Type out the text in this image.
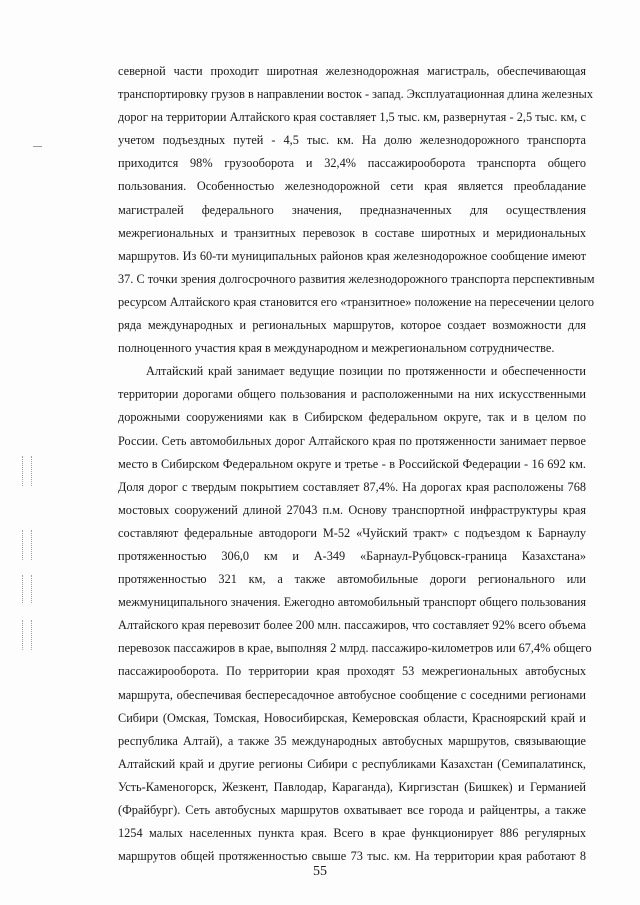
северной части проходит широтная железнодорожная магистраль, обеспечивающая
транспортировку грузов в направлении восток - запад. Эксплуатационная длина железных
дорог на территории Алтайского края составляет 1,5 тыс. км, развернутая - 2,5 тыс. км, с
учетом подъездных путей - 4,5 тыс. км. На долю железнодорожного транспорта
приходится 98% грузооборота и 32,4% пассажирооборота транспорта общего
пользования. Особенностью железнодорожной сети края является преобладание
магистралей федерального значения, предназначенных для осуществления
межрегиональных и транзитных перевозок в составе широтных и меридиональных
маршрутов. Из 60-ти муниципальных районов края железнодорожное сообщение имеют
37. С точки зрения долгосрочного развития железнодорожного транспорта перспективным
ресурсом Алтайского края становится его «транзитное» положение на пересечении целого
ряда международных и региональных маршрутов, которое создает возможности для
полноценного участия края в международном и межрегиональном сотрудничестве.
Алтайский край занимает ведущие позиции по протяженности и обеспеченности
территории дорогами общего пользования и расположенными на них искусственными
дорожными сооружениями как в Сибирском федеральном округе, так и в целом по
России. Сеть автомобильных дорог Алтайского края по протяженности занимает первое
место в Сибирском Федеральном округе и третье - в Российской Федерации - 16 692 км.
Доля дорог с твердым покрытием составляет 87,4%. На дорогах края расположены 768
мостовых сооружений длиной 27043 п.м. Основу транспортной инфраструктуры края
составляют федеральные автодороги М-52 «Чуйский тракт» с подъездом к Барнаулу
протяженностью 306,0 км и А-349 «Барнаул-Рубцовск-граница Казахстана»
протяженностью 321 км, а также автомобильные дороги регионального или
межмуниципального значения. Ежегодно автомобильный транспорт общего пользования
Алтайского края перевозит более 200 млн. пассажиров, что составляет 92% всего объема
перевозок пассажиров в крае, выполняя 2 млрд. пассажиро-километров или 67,4% общего
пассажирооборота. По территории края проходят 53 межрегиональных автобусных
маршрута, обеспечивая беспересадочное автобусное сообщение с соседними регионами
Сибири (Омская, Томская, Новосибирская, Кемеровская области, Красноярский край и
республика Алтай), а также 35 международных автобусных маршрутов, связывающие
Алтайский край и другие регионы Сибири с республиками Казахстан (Семипалатинск,
Усть-Каменогорск, Жезкент, Павлодар, Караганда), Киргизстан (Бишкек) и Германией
(Фрайбург). Сеть автобусных маршрутов охватывает все города и райцентры, а также
1254 малых населенных пункта края. Всего в крае функционирует 886 регулярных
маршрутов общей протяженностью свыше 73 тыс. км. На территории края работают 8
55
